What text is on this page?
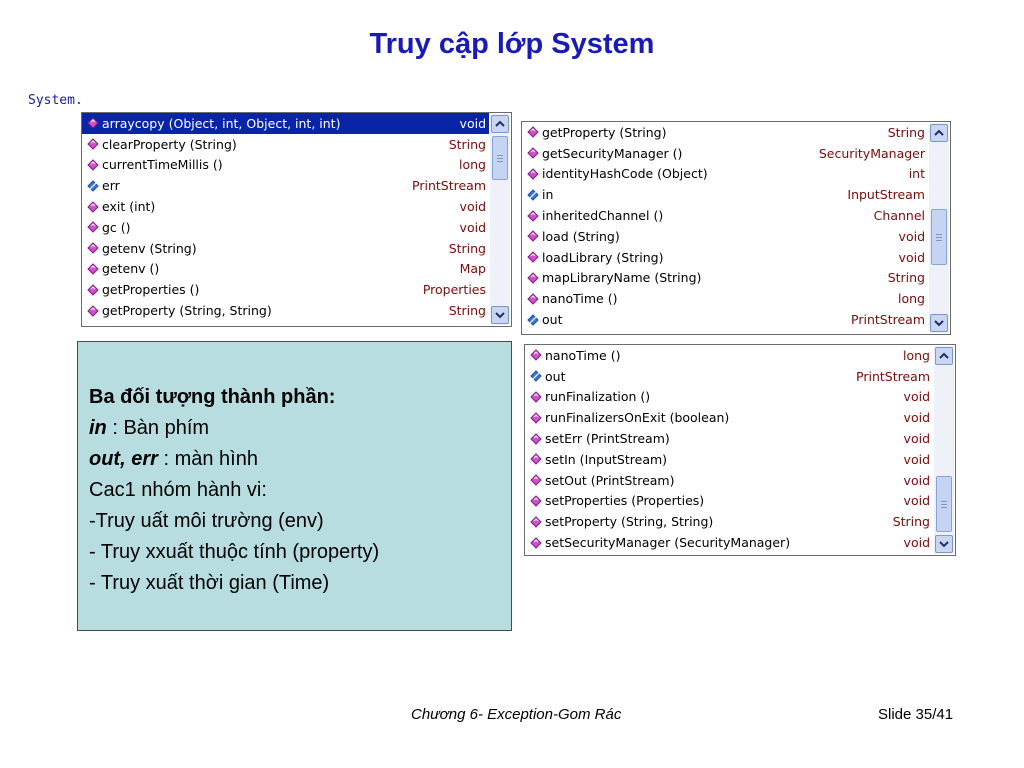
Truy cập lớp System
System.
arraycopy (Object, int, Object, int, int)	void
clearProperty (String)	String
currentTimeMillis ()	long
err	PrintStream
exit (int)	void
gc ()	void
getenv (String)	String
getenv ()	Map
getProperties ()	Properties
getProperty (String, String)	String
getProperty (String)	String
getSecurityManager ()	SecurityManager
identityHashCode (Object)	int
in	InputStream
inheritedChannel ()	Channel
load (String)	void
loadLibrary (String)	void
mapLibraryName (String)	String
nanoTime ()	long
out	PrintStream
nanoTime ()	long
out	PrintStream
runFinalization ()	void
runFinalizersOnExit (boolean)	void
setErr (PrintStream)	void
setIn (InputStream)	void
setOut (PrintStream)	void
setProperties (Properties)	void
setProperty (String, String)	String
setSecurityManager (SecurityManager)	void
Ba đối tượng thành phần:
in : Bàn phím
out, err : màn hình
Cac1 nhóm hành vi:
-Truy uất môi trường (env)
- Truy xxuất thuộc tính (property)
- Truy xuất thời gian (Time)
Chương 6- Exception-Gom Rác	Slide 35/41
